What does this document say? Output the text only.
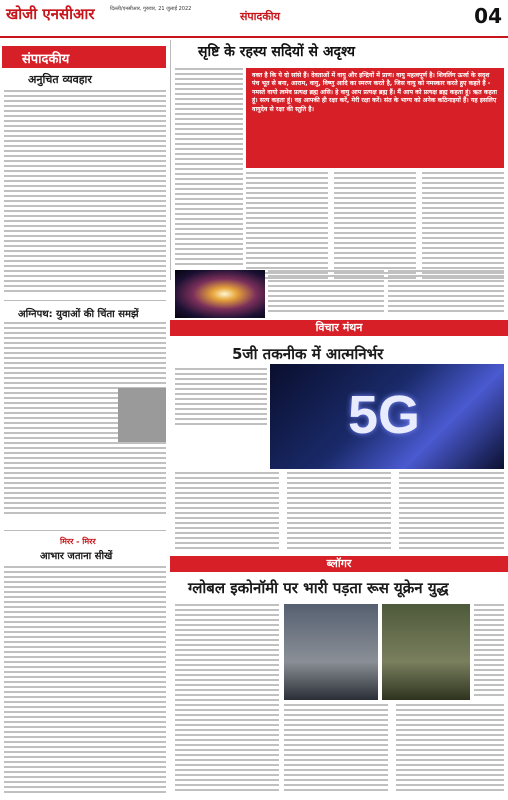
खोजी एनसीआर	दिल्ली/एनसीआर, गुरुवार, 21 जुलाई 2022
संपादकीय	04
संपादकीय
अनुचित व्यवहार
अग्निपथ: युवाओं की चिंता समझें
मिरर - मिरर
आभार जताना सीखें
सृष्टि के रहस्य सदियों से अदृश्य
वक्त है कि ये दो सांसे हैं। देवताओं में वायु और इन्द्रियों में प्राण। वायु महत्वपूर्ण है। शिवलिंग ऊर्जा के सदृश पंच भूत से बना, आराम, वायु, विष्णु आदि का स्मरण करते है, जिस वायु को नमस्कार करते हुए कहते हैं - नमस्ते वायो त्वमेव प्रत्यक्ष ब्रह्म असि। हे वायु आप प्रत्यक्ष ब्रह्म हैं। मैं आप को प्रत्यक्ष ब्रह्म कहता हूं। ऋत कहता हूं। सत्य कहता हूं। वह आपकी ही रक्षा करें, मेरी रक्षा करें। संत के भाग्य को अनेक कठिनाइयों हैं। यह इसलिए वायुदेव से रक्षा की स्तुति है।
विचार मंथन
5जी तकनीक में आत्मनिर्भर
5G
ब्लॉगर
ग्लोबल इकोनॉमी पर भारी पड़ता रूस यूक्रेन युद्ध
